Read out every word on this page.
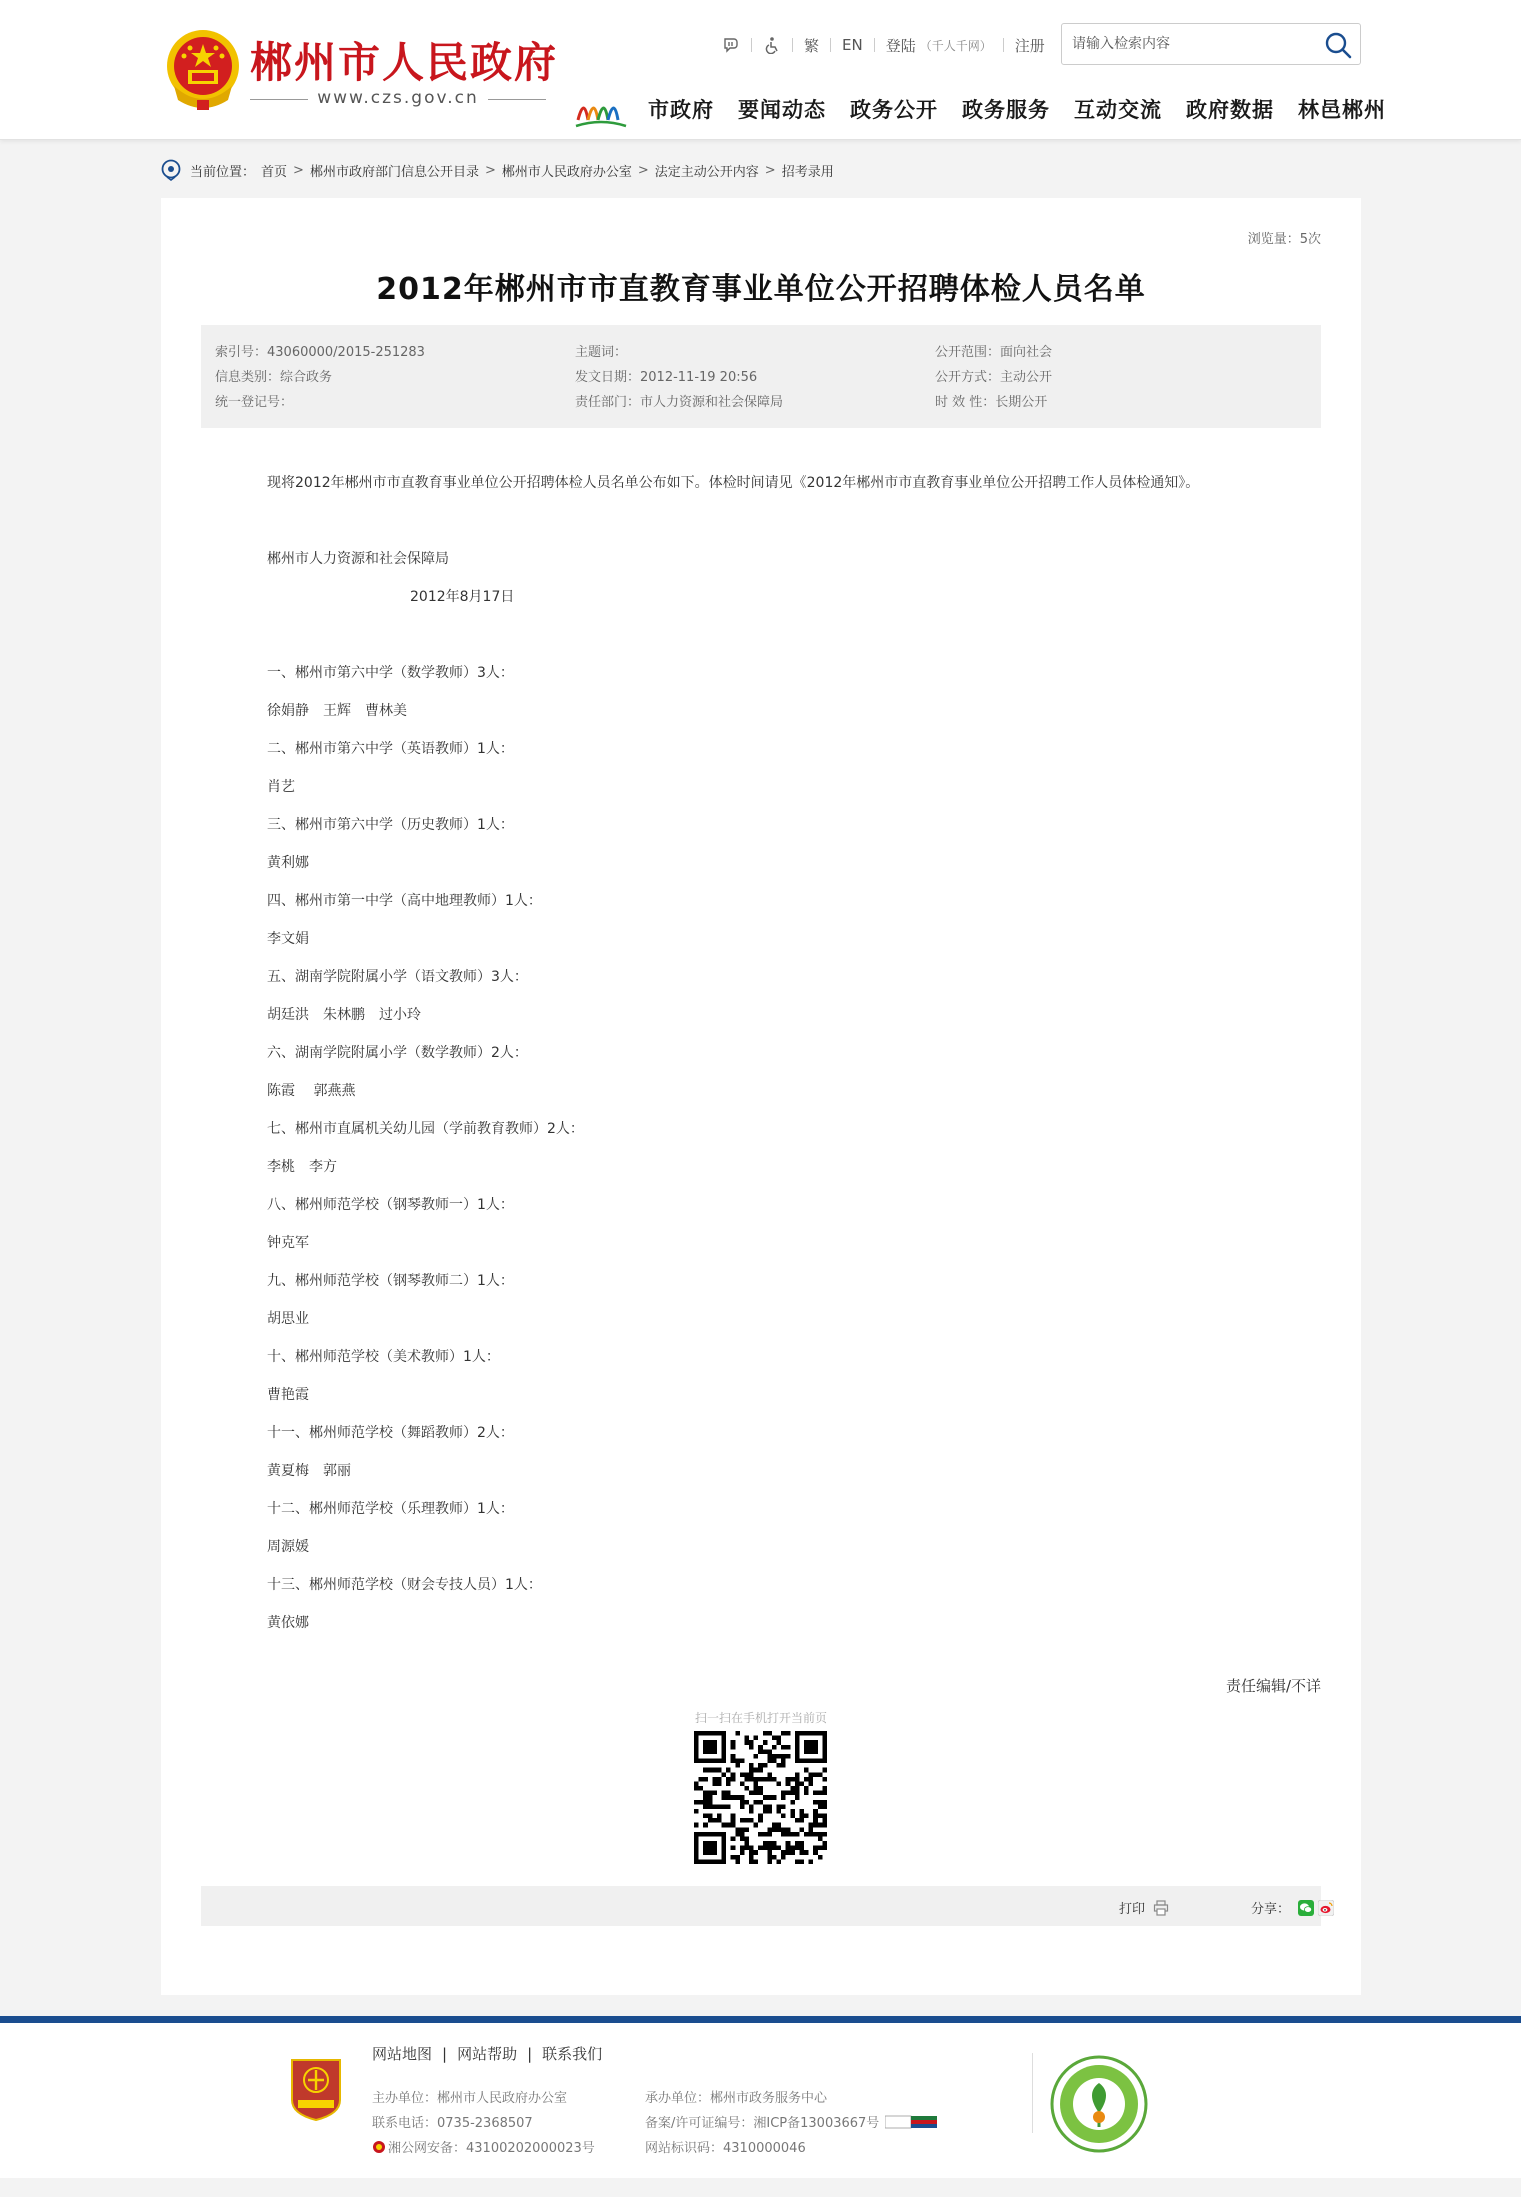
郴州市人民政府
www.czs.gov.cn
繁 EN 登陆 （千人千网） 注册
请输入检索内容
市政府 要闻动态 政务公开 政务服务 互动交流 政府数据 林邑郴州
当前位置： 首页 > 郴州市政府部门信息公开目录 > 郴州市人民政府办公室 > 法定主动公开内容 > 招考录用
浏览量：5次
2012年郴州市市直教育事业单位公开招聘体检人员名单
索引号：43060000/2015-251283
信息类别：综合政务
统一登记号：
主题词：
发文日期：2012-11-19 20:56
责任部门：市人力资源和社会保障局
公开范围：面向社会
公开方式：主动公开
时 效 性：长期公开

现将2012年郴州市市直教育事业单位公开招聘体检人员名单公布如下。体检时间请见《2012年郴州市市直教育事业单位公开招聘工作人员体检通知》。

郴州市人力资源和社会保障局

2012年8月17日

一、郴州市第六中学（数学教师）3人：

徐娟静　王辉　曹林美

二、郴州市第六中学（英语教师）1人：

肖艺

三、郴州市第六中学（历史教师）1人：

黄利娜

四、郴州市第一中学（高中地理教师）1人：

李文娟

五、湖南学院附属小学（语文教师）3人：

胡廷洪　朱林鹏　过小玲

六、湖南学院附属小学（数学教师）2人：

陈霞　 郭燕燕

七、郴州市直属机关幼儿园（学前教育教师）2人：

李桃　李方

八、郴州师范学校（钢琴教师一）1人：

钟克军

九、郴州师范学校（钢琴教师二）1人：

胡思业

十、郴州师范学校（美术教师）1人：

曹艳霞

十一、郴州师范学校（舞蹈教师）2人：

黄夏梅　郭丽

十二、郴州师范学校（乐理教师）1人：

周源媛

十三、郴州师范学校（财会专技人员）1人：

黄依娜

责任编辑/不详
扫一扫在手机打开当前页
打印	分享：
网站地图 | 网站帮助 | 联系我们
主办单位：郴州市人民政府办公室
联系电话：0735-2368507
湘公网安备：43100202000023号
承办单位：郴州市政务服务中心
备案/许可证编号：湘ICP备13003667号
网站标识码：4310000046
